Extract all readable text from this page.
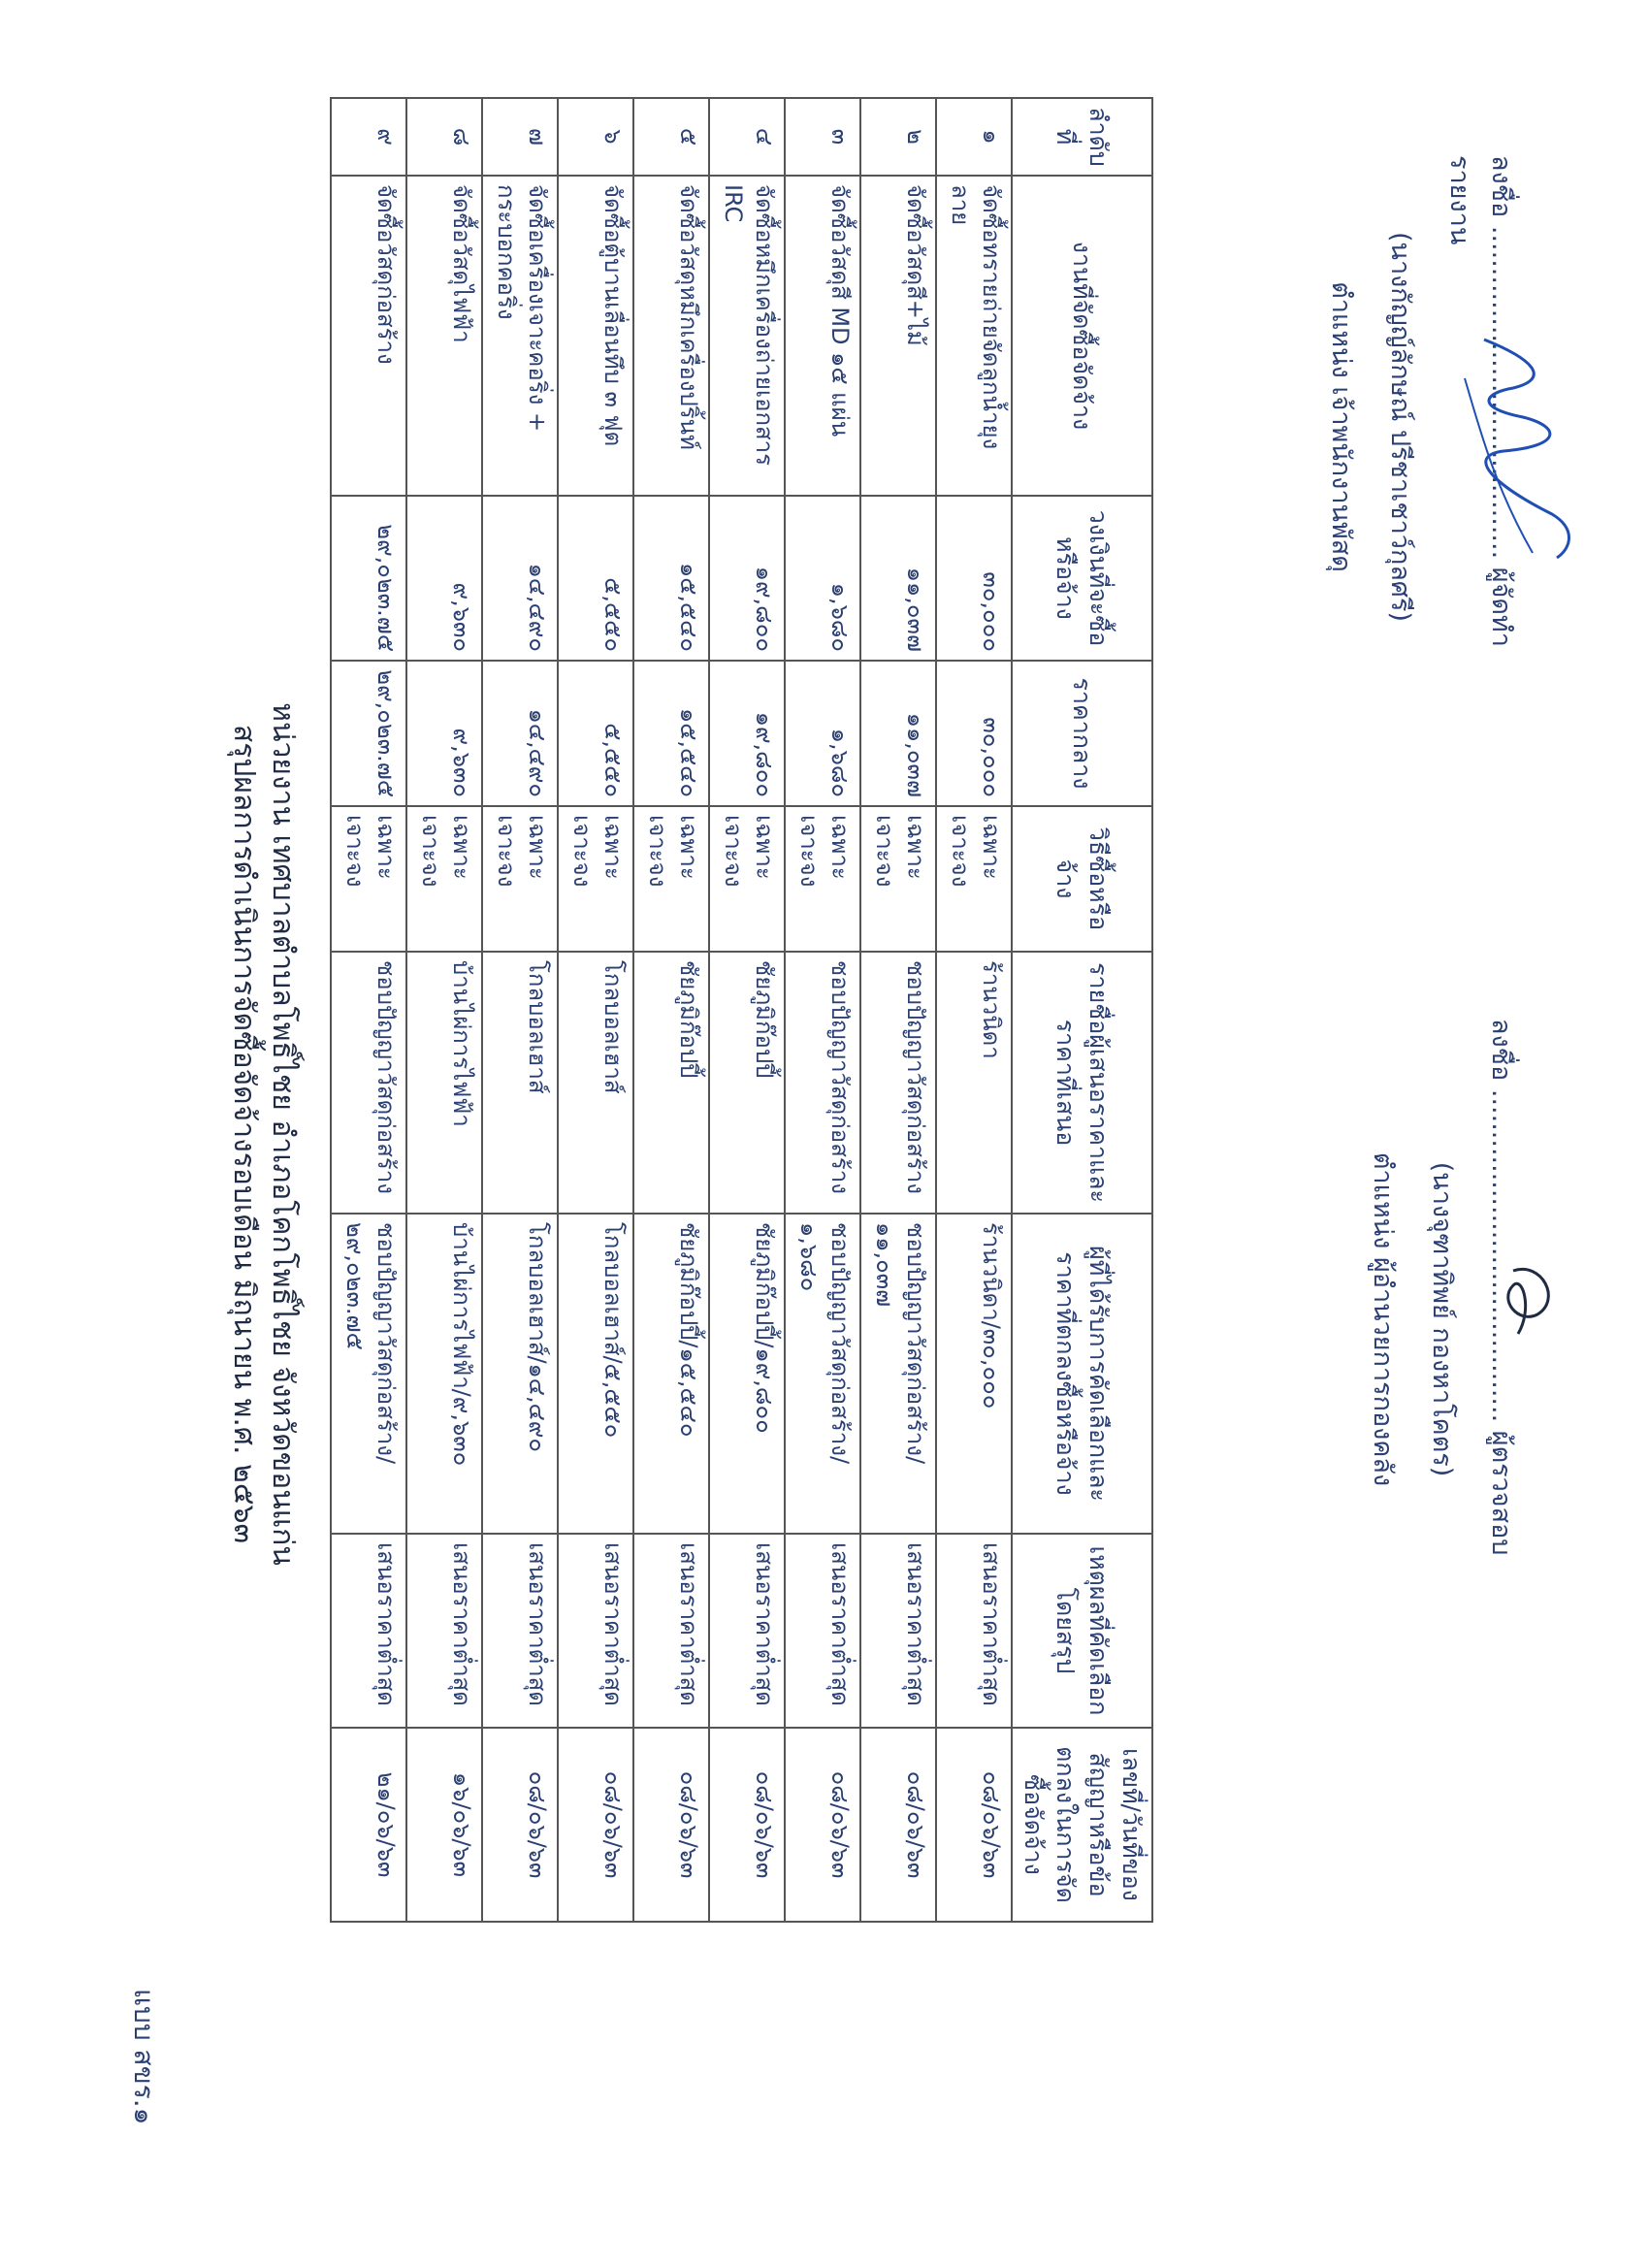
แบบ สขร.๑
หน่วยงาน เทศบาลตำบลโพธิ์ไชย อำเภอโคกโพธิ์ไชย จังหวัดขอนแก่น
สรุปผลการดำเนินการจัดซื้อจัดจ้างรอบเดือน มิถุนายน พ.ศ. ๒๕๖๓
ลำดับที่	งานที่จัดซื้อจัดจ้าง	วงเงินที่จะซื้อหรือจ้าง	ราคากลาง	วิธีซื้อหรือจ้าง	รายชื่อผู้เสนอราคาและราคาที่เสนอ	ผู้ที่ได้รับการคัดเลือกและราคาที่ตกลงซื้อหรือจ้าง	เหตุผลที่คัดเลือกโดยสรุป	เลขที่/วันที่ของสัญญาหรือข้อตกลงในการจัดซื้อจัดจ้าง
๑	จัดซื้อทรายถ่ายจัดลูกน้ำยุงลาย	๓๐,๐๐๐	๓๐,๐๐๐	เฉพาะเจาะจง	ร้านวนิดา	ร้านวนิดา/๓๐,๐๐๐	เสนอราคาต่ำสุด	๐๘/๐๖/๖๓
๒	จัดซื้อวัสดุสี+ไม้	๑๑,๐๓๗	๑๑,๐๓๗	เฉพาะเจาะจง	ชอบปัญญาวัสดุก่อสร้าง	ชอบปัญญาวัสดุก่อสร้าง/ ๑๑,๐๓๗	เสนอราคาต่ำสุด	๐๘/๐๖/๖๓
๓	จัดซื้อวัสดุสี MD ๑๕ แผ่น	๑,๖๘๐	๑,๖๘๐	เฉพาะเจาะจง	ชอบปัญญาวัสดุก่อสร้าง	ชอบปัญญาวัสดุก่อสร้าง/ ๑,๖๘๐	เสนอราคาต่ำสุด	๐๘/๐๖/๖๓
๔	จัดซื้อหมึกเครื่องถ่ายเอกสาร IRC	๑๙,๘๐๐	๑๙,๘๐๐	เฉพาะเจาะจง	ชัยภูมิก๊อปปี้	ชัยภูมิก๊อปปี้/๑๙,๘๐๐	เสนอราคาต่ำสุด	๐๘/๐๖/๖๓
๕	จัดซื้อวัสดุหมึกเครื่องปริ้นท์	๑๕,๕๔๐	๑๕,๕๔๐	เฉพาะเจาะจง	ชัยภูมิก๊อปปี้	ชัยภูมิก๊อปปี้/๑๕,๕๔๐	เสนอราคาต่ำสุด	๐๘/๐๖/๖๓
๖	จัดซื้อตู้บานเลื่อนทึบ ๓ ฟุต	๕,๕๕๐	๕,๕๕๐	เฉพาะเจาะจง	โกลบอลเฮาส์	โกลบอลเฮาส์/๕,๕๕๐	เสนอราคาต่ำสุด	๐๘/๐๖/๖๓
๗	จัดซื้อเครื่องเจาะคอริ่ง + กระบอกคอริ่ง	๑๔,๔๙๐	๑๔,๔๙๐	เฉพาะเจาะจง	โกลบอลเฮาส์	โกลบอลเฮาส์/๑๔,๔๙๐	เสนอราคาต่ำสุด	๐๘/๐๖/๖๓
๘	จัดซื้อวัสดุไฟฟ้า	๙,๖๓๐	๙,๖๓๐	เฉพาะเจาะจง	บ้านไผ่การไฟฟ้า	บ้านไผ่การไฟฟ้า/๙,๖๓๐	เสนอราคาต่ำสุด	๑๖/๐๖/๖๓
๙	จัดซื้อวัสดุก่อสร้าง	๒๙,๐๒๓.๗๕	๒๙,๐๒๓.๗๕	เฉพาะเจาะจง	ชอบปัญญาวัสดุก่อสร้าง	ชอบปัญญาวัสดุก่อสร้าง/ ๒๙,๐๒๓.๗๕	เสนอราคาต่ำสุด	๒๑/๐๖/๖๓
ลงชื่อ ........................................ ผู้จัดทำรายงาน
(นางกัญญ์ลักษณ์ ปรีชาเชาว์กุลศรี)
ตำแหน่ง เจ้าพนักงานพัสดุ
ลงชื่อ ........................................ ผู้ตรวจสอบ
(นางจุฑาทิพย์ กองหาโคตร)
ตำแหน่ง ผู้อำนวยการกองคลัง
